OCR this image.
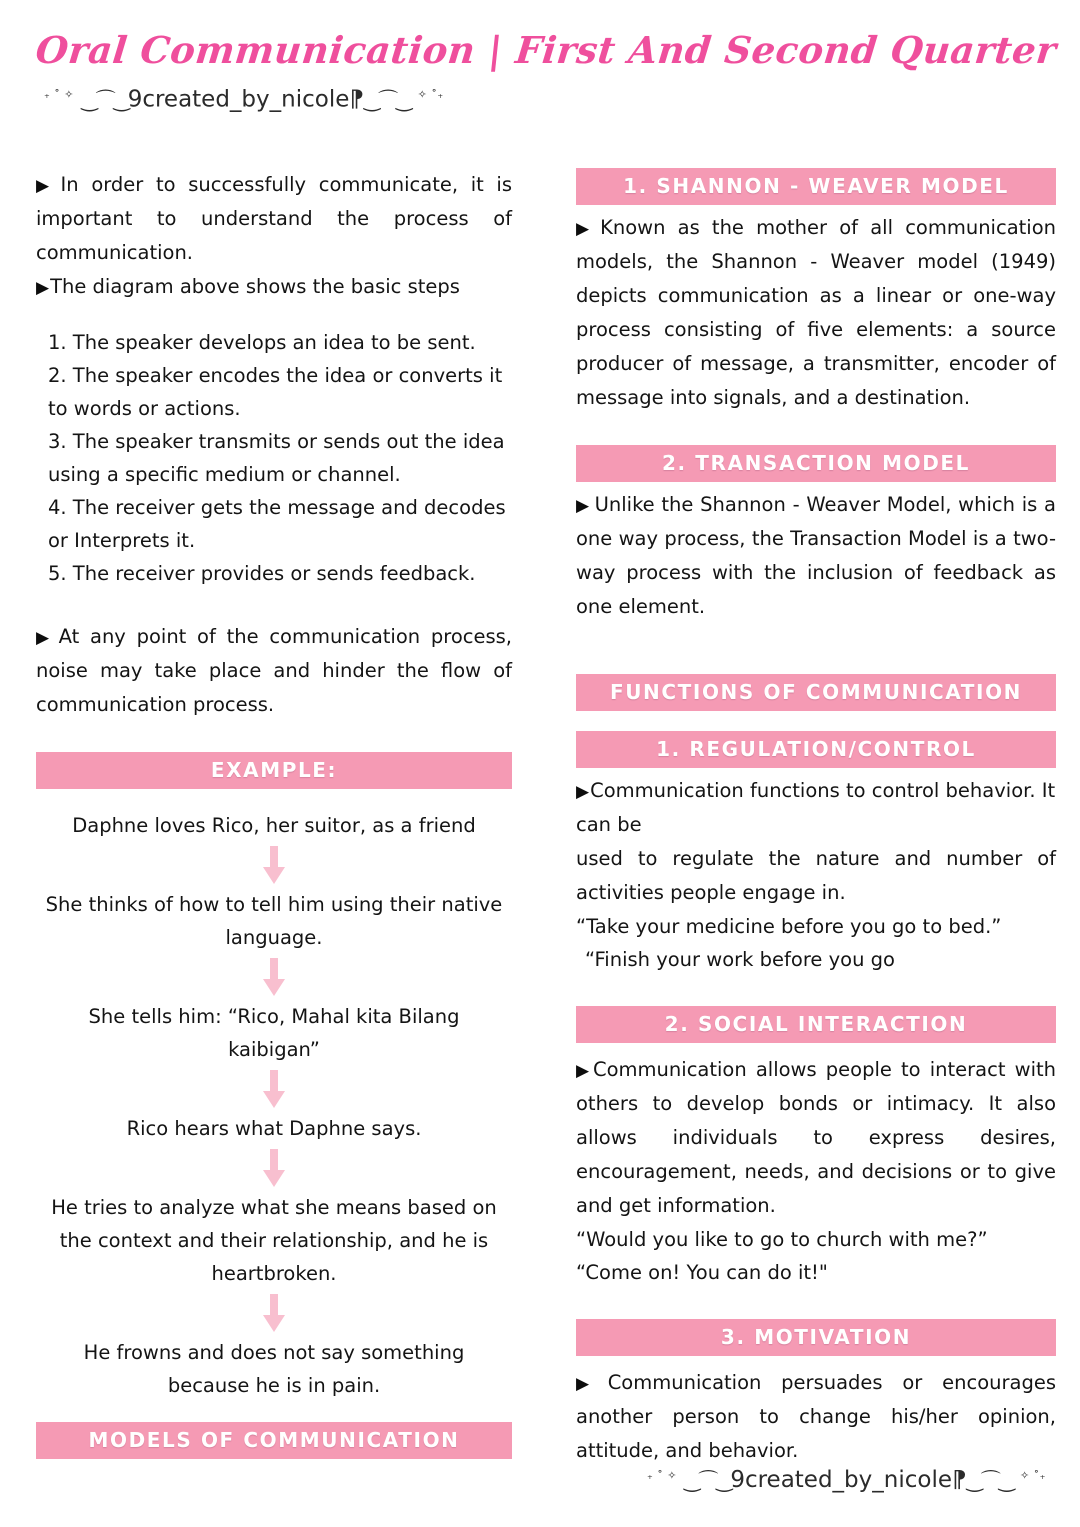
Oral Communication | First And Second Quarter
₊ ˚ ✧ ‿⌒‿9created_by_nicole⁋‿⌒‿ ✧ ˚₊

▶ In order to successfully communicate, it is important to understand the process of communication.

▶The diagram above shows the basic steps

1. The speaker develops an idea to be sent.

2. The speaker encodes the idea or converts it to words or actions.

3. The speaker transmits or sends out the idea using a specific medium or channel.

4. The receiver gets the message and decodes or Interprets it.

5. The receiver provides or sends feedback.

▶ At any point of the communication process, noise may take place and hinder the flow of communication process.

EXAMPLE:
Daphne loves Rico, her suitor, as a friend
She thinks of how to tell him using their native language.
She tells him: “Rico, Mahal kita Bilang kaibigan”
Rico hears what Daphne says.
He tries to analyze what she means based on the context and their relationship, and he is heartbroken.
He frowns and does not say something because he is in pain.
MODELS OF COMMUNICATION
1. SHANNON - WEAVER MODEL

▶ Known as the mother of all communication models, the Shannon - Weaver model (1949) depicts communication as a linear or one-way process consisting of five elements: a source producer of message, a transmitter, encoder of message into signals, and a destination.

2. TRANSACTION MODEL

▶ Unlike the Shannon - Weaver Model, which is a one way process, the Transaction Model is a two-way process with the inclusion of feedback as one element.

FUNCTIONS OF COMMUNICATION
1. REGULATION/CONTROL

▶Communication functions to control behavior. It can be

used to regulate the nature and number of activities people engage in.

“Take your medicine before you go to bed.”

“Finish your work before you go

2. SOCIAL INTERACTION

▶Communication allows people to interact with others to develop bonds or intimacy. It also allows individuals to express desires, encouragement, needs, and decisions or to give and get information.

“Would you like to go to church with me?”

“Come on! You can do it!"

3. MOTIVATION

▶ Communication persuades or encourages another person to change his/her opinion, attitude, and behavior.

₊ ˚ ✧ ‿⌒‿9created_by_nicole⁋‿⌒‿ ✧ ˚₊
